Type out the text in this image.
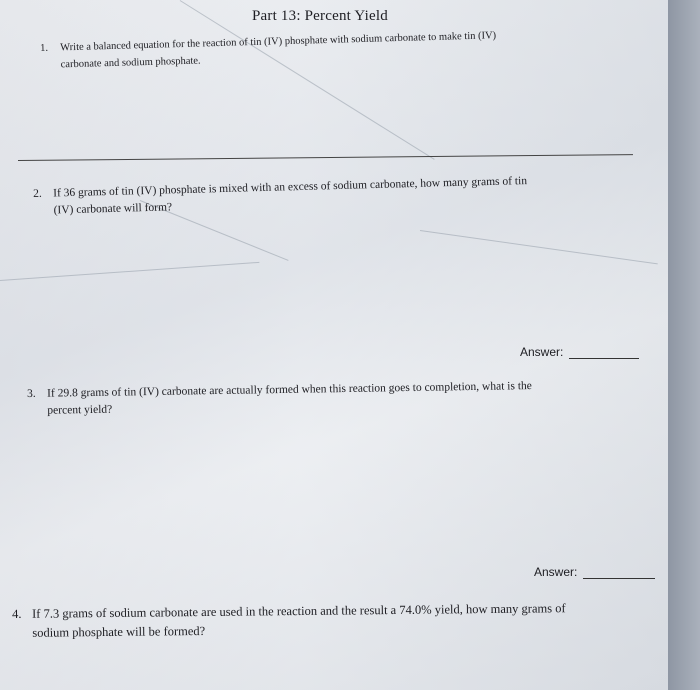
Part 13: Percent Yield
1. Write a balanced equation for the reaction of tin (IV) phosphate with sodium carbonate to make tin (IV)
carbonate and sodium phosphate.
2. If 36 grams of tin (IV) phosphate is mixed with an excess of sodium carbonate, how many grams of tin
(IV) carbonate will form?
Answer:
3. If 29.8 grams of tin (IV) carbonate are actually formed when this reaction goes to completion, what is the
percent yield?
Answer:
4. If 7.3 grams of sodium carbonate are used in the reaction and the result a 74.0% yield, how many grams of
sodium phosphate will be formed?
